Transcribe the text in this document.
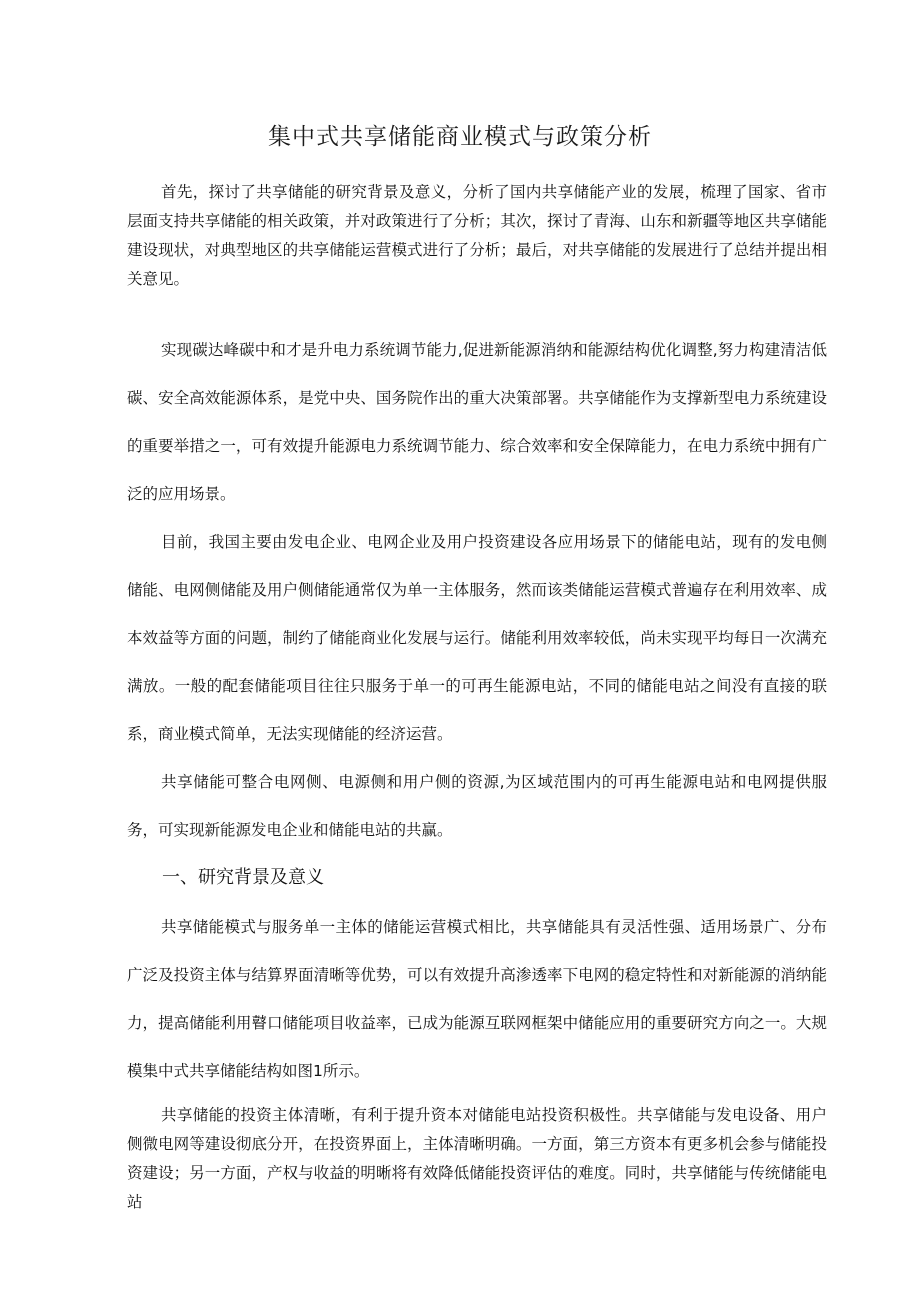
集中式共享储能商业模式与政策分析

首先，探讨了共享储能的研究背景及意义，分析了国内共享储能产业的发展，梳理了国家、省市层面支持共享储能的相关政策，并对政策进行了分析；其次，探讨了青海、山东和新疆等地区共享储能建设现状，对典型地区的共享储能运营模式进行了分析；最后，对共享储能的发展进行了总结并提出相关意见。

实现碳达峰碳中和才是升电力系统调节能力,促进新能源消纳和能源结构优化调整,努力构建清洁低碳、安全高效能源体系，是党中央、国务院作出的重大决策部署。共享储能作为支撑新型电力系统建设的重要举措之一，可有效提升能源电力系统调节能力、综合效率和安全保障能力，在电力系统中拥有广泛的应用场景。

目前，我国主要由发电企业、电网企业及用户投资建设各应用场景下的储能电站，现有的发电侧储能、电网侧储能及用户侧储能通常仅为单一主体服务，然而该类储能运营模式普遍存在利用效率、成本效益等方面的问题，制约了储能商业化发展与运行。储能利用效率较低，尚未实现平均每日一次满充满放。一般的配套储能项目往往只服务于单一的可再生能源电站，不同的储能电站之间没有直接的联系，商业模式简单，无法实现储能的经济运营。

共享储能可整合电网侧、电源侧和用户侧的资源,为区域范围内的可再生能源电站和电网提供服务，可实现新能源发电企业和储能电站的共赢。

一、研究背景及意义

共享储能模式与服务单一主体的储能运营模式相比，共享储能具有灵活性强、适用场景广、分布广泛及投资主体与结算界面清晰等优势，可以有效提升高渗透率下电网的稳定特性和对新能源的消纳能力，提高储能利用瞽口储能项目收益率，已成为能源互联网框架中储能应用的重要研究方向之一。大规模集中式共享储能结构如图1所示。

共享储能的投资主体清晰，有利于提升资本对储能电站投资积极性。共享储能与发电设备、用户侧微电网等建设彻底分开，在投资界面上，主体清晰明确。一方面，第三方资本有更多机会参与储能投资建设；另一方面，产权与收益的明晰将有效降低储能投资评估的难度。同时，共享储能与传统储能电站
